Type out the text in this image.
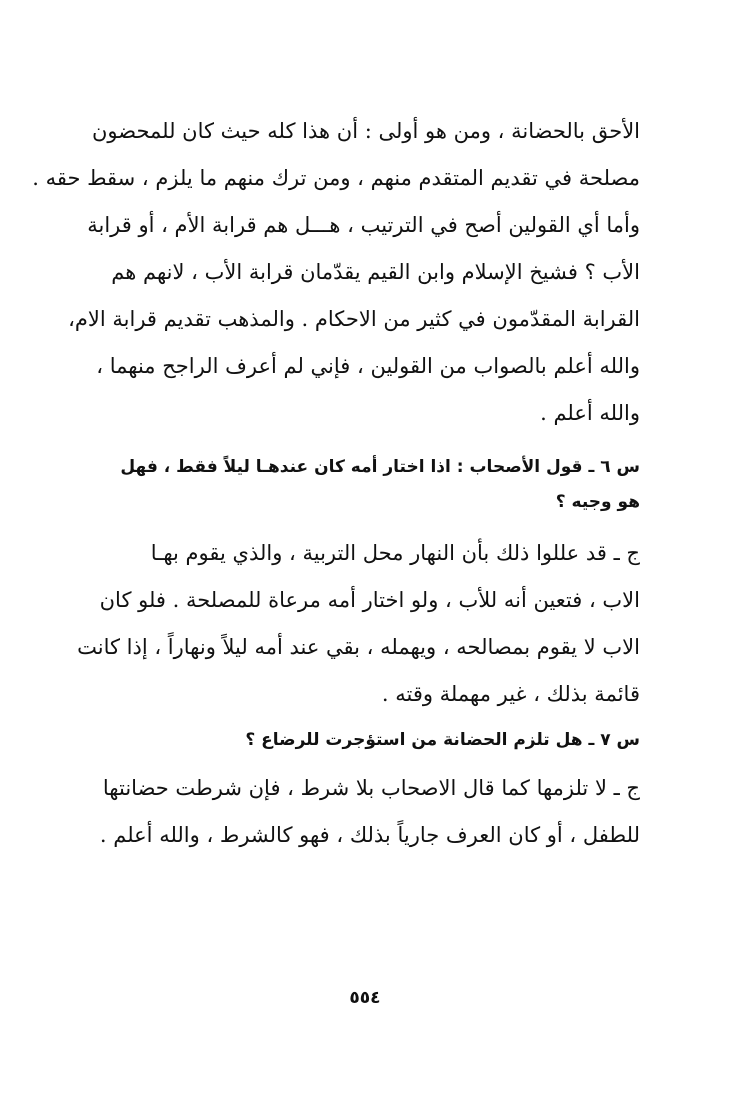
الأحق بالحضانة ، ومن هو أولى : أن هذا كله حيث كان للمحضون
مصلحة في تقديم المتقدم منهم ، ومن ترك منهم ما يلزم ، سقط حقه .
وأما أي القولين أصح في الترتيب ، هـــل هم قرابة الأم ، أو قرابة
الأب ؟ فشيخ الإسلام وابن القيم يقدّمان قرابة الأب ، لانهم هم
القرابة المقدّمون في كثير من الاحكام . والمذهب تقديم قرابة الام،
والله أعلم بالصواب من القولين ، فإني لم أعرف الراجح منهما ،
والله أعلم .
س ٦ ـ قول الأصحاب : اذا اختار أمه كان عندهـا ليلاً فقط ، فهل
هو وجيه ؟
ج ـ قد عللوا ذلك بأن النهار محل التربية ، والذي يقوم بهـا
الاب ، فتعين أنه للأب ، ولو اختار أمه مرعاة للمصلحة . فلو كان
الاب لا يقوم بمصالحه ، ويهمله ، بقي عند أمه ليلاً ونهاراً ، إذا كانت
قائمة بذلك ، غير مهملة وقته .
س ٧ ـ هل تلزم الحضانة من استؤجرت للرضاع ؟
ج ـ لا تلزمها كما قال الاصحاب بلا شرط ، فإن شرطت حضانتها
للطفل ، أو كان العرف جارياً بذلك ، فهو كالشرط ، والله أعلم .
٥٥٤
